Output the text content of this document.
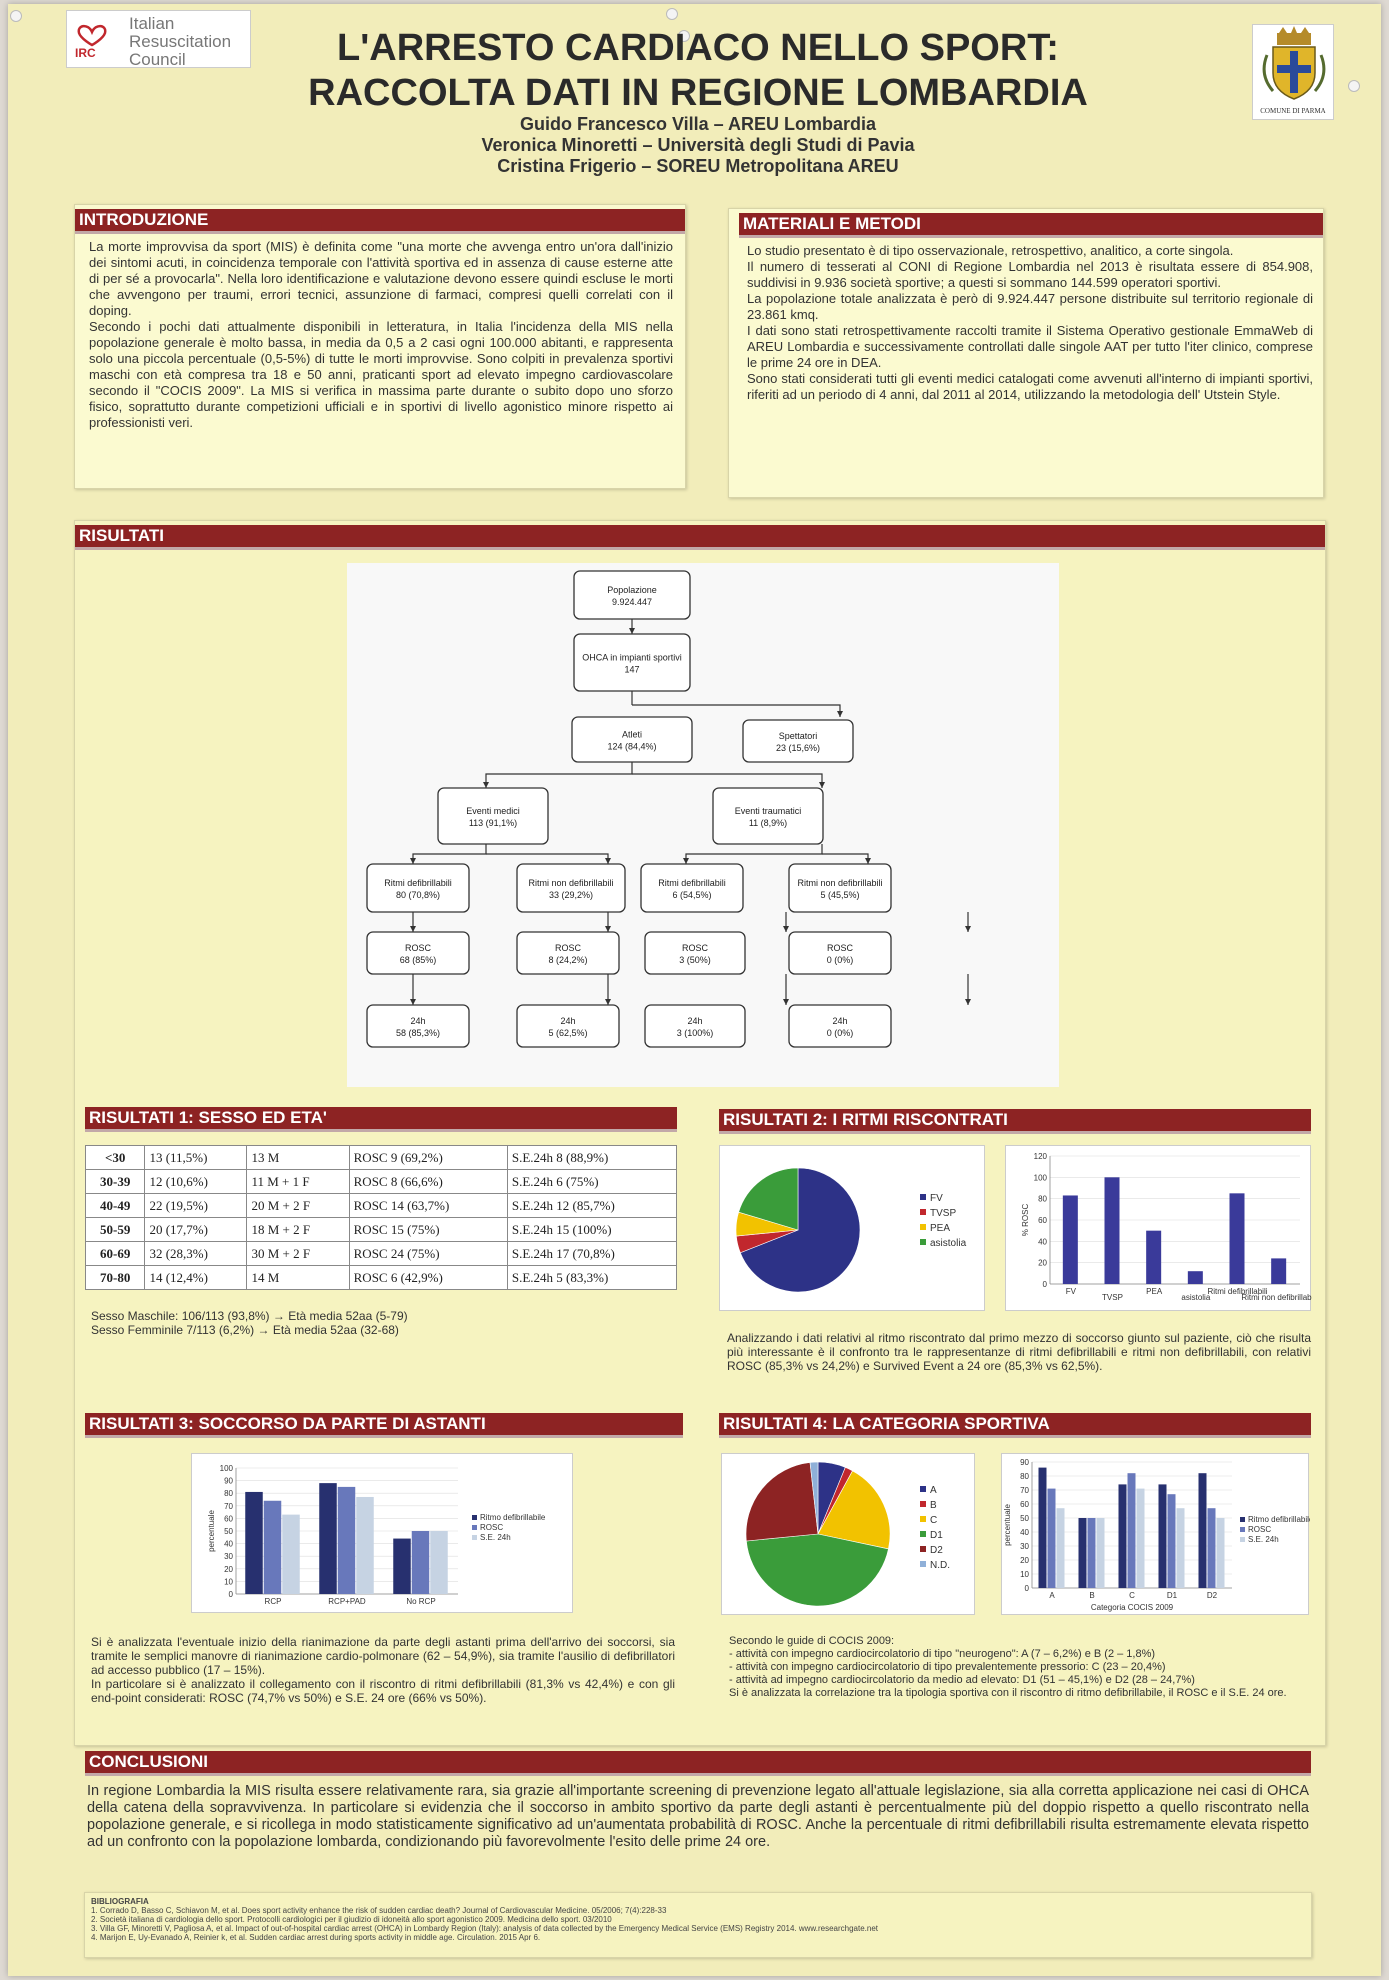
IRC
Italian
Resuscitation
Council
COMUNE DI PARMA
L'ARRESTO CARDIACO NELLO SPORT:
RACCOLTA DATI IN REGIONE LOMBARDIA
Guido Francesco Villa – AREU Lombardia
Veronica Minoretti – Università degli Studi di Pavia
Cristina Frigerio – SOREU Metropolitana AREU
INTRODUZIONE

La morte improvvisa da sport (MIS) è definita come "una morte che avvenga entro un'ora dall'inizio dei sintomi acuti, in coincidenza temporale con l'attività sportiva ed in assenza di cause esterne atte di per sé a provocarla". Nella loro identificazione e valutazione devono essere quindi escluse le morti che avvengono per traumi, errori tecnici, assunzione di farmaci, compresi quelli correlati con il doping.

Secondo i pochi dati attualmente disponibili in letteratura, in Italia l'incidenza della MIS nella popolazione generale è molto bassa, in media da 0,5 a 2 casi ogni 100.000 abitanti, e rappresenta solo una piccola percentuale (0,5-5%) di tutte le morti improvvise. Sono colpiti in prevalenza sportivi maschi con età compresa tra 18 e 50 anni, praticanti sport ad elevato impegno cardiovascolare secondo il "COCIS 2009". La MIS si verifica in massima parte durante o subito dopo uno sforzo fisico, soprattutto durante competizioni ufficiali e in sportivi di livello agonistico minore rispetto ai professionisti veri.

MATERIALI E METODI

Lo studio presentato è di tipo osservazionale, retrospettivo, analitico, a corte singola.

Il numero di tesserati al CONI di Regione Lombardia nel 2013 è risultata essere di 854.908, suddivisi in 9.936 società sportive; a questi si sommano 144.599 operatori sportivi.

La popolazione totale analizzata è però di 9.924.447 persone distribuite sul territorio regionale di 23.861 kmq.

I dati sono stati retrospettivamente raccolti tramite il Sistema Operativo gestionale EmmaWeb di AREU Lombardia e successivamente controllati dalle singole AAT per tutto l'iter clinico, comprese le prime 24 ore in DEA.

Sono stati considerati tutti gli eventi medici catalogati come avvenuti all'interno di impianti sportivi, riferiti ad un periodo di 4 anni, dal 2011 al 2014, utilizzando la metodologia dell' Utstein Style.

RISULTATI
Popolazione
9.924.447
OHCA in impianti sportivi
147
Atleti
124 (84,4%)
Spettatori
23 (15,6%)
Eventi medici
113 (91,1%)
Eventi traumatici
11 (8,9%)
Ritmi defibrillabili
80 (70,8%)
Ritmi non defibrillabili
33 (29,2%)
Ritmi defibrillabili
6 (54,5%)
Ritmi non defibrillabili
5 (45,5%)
ROSC
68 (85%)
ROSC
8 (24,2%)
ROSC
3 (50%)
ROSC
0 (0%)
24h
58 (85,3%)
24h
5 (62,5%)
24h
3 (100%)
24h
0 (0%)
RISULTATI 1: SESSO ED ETA'
<30	13 (11,5%)	13 M	ROSC 9 (69,2%)	S.E.24h 8 (88,9%)
30-39	12 (10,6%)	11 M + 1 F	ROSC 8 (66,6%)	S.E.24h 6 (75%)
40-49	22 (19,5%)	20 M + 2 F	ROSC 14 (63,7%)	S.E.24h 12 (85,7%)
50-59	20 (17,7%)	18 M + 2 F	ROSC 15 (75%)	S.E.24h 15 (100%)
60-69	32 (28,3%)	30 M + 2 F	ROSC 24 (75%)	S.E.24h 17 (70,8%)
70-80	14 (12,4%)	14 M	ROSC 6 (42,9%)	S.E.24h 5 (83,3%)
Sesso Maschile: 106/113 (93,8%) → Età media 52aa (5-79)
Sesso Femminile 7/113 (6,2%) → Età media 52aa (32-68)
RISULTATI 2: I RITMI RISCONTRATI
FV
TVSP
PEA
asistolia
0
20
40
60
80
100
120
% ROSC
FV
TVSP
PEA
asistolia
Ritmi defibrillabili
Ritmi non defibrillabili
Analizzando i dati relativi al ritmo riscontrato dal primo mezzo di soccorso giunto sul paziente, ciò che risulta più interessante è il confronto tra le rappresentanze di ritmi defibrillabili e ritmi non defibrillabili, con relativi ROSC (85,3% vs 24,2%) e Survived Event a 24 ore (85,3% vs 62,5%).
RISULTATI 3: SOCCORSO DA PARTE DI ASTANTI
0
10
20
30
40
50
60
70
80
90
100
percentuale
RCP	RCP+PAD	No RCP
Ritmo defibrillabile
ROSC
S.E. 24h

Si è analizzata l'eventuale inizio della rianimazione da parte degli astanti prima dell'arrivo dei soccorsi, sia tramite le semplici manovre di rianimazione cardio-polmonare (62 – 54,9%), sia tramite l'ausilio di defibrillatori ad accesso pubblico (17 – 15%).

In particolare si è analizzato il collegamento con il riscontro di ritmi defibrillabili (81,3% vs 42,4%) e con gli end-point considerati: ROSC (74,7% vs 50%) e S.E. 24 ore (66% vs 50%).

RISULTATI 4: LA CATEGORIA SPORTIVA
A
B
C
D1
D2
N.D.
0
10
20
30
40
50
60
70
80
90
percentuale
A	B	C	D1	D2
Categoria COCIS 2009
Ritmo defibrillabile
ROSC
S.E. 24h
Secondo le guide di COCIS 2009:
- attività con impegno cardiocircolatorio di tipo "neurogeno": A (7 – 6,2%) e B (2 – 1,8%)
- attività con impegno cardiocircolatorio di tipo prevalentemente pressorio: C (23 – 20,4%)
- attività ad impegno cardiocircolatorio da medio ad elevato: D1 (51 – 45,1%) e D2 (28 – 24,7%)
Si è analizzata la correlazione tra la tipologia sportiva con il riscontro di ritmo defibrillabile, il ROSC e il S.E. 24 ore.
CONCLUSIONI
In regione Lombardia la MIS risulta essere relativamente rara, sia grazie all'importante screening di prevenzione legato all'attuale legislazione, sia alla corretta applicazione nei casi di OHCA della catena della sopravvivenza. In particolare si evidenzia che il soccorso in ambito sportivo da parte degli astanti è percentualmente più del doppio rispetto a quello riscontrato nella popolazione generale, e si ricollega in modo statisticamente significativo ad un'aumentata probabilità di ROSC. Anche la percentuale di ritmi defibrillabili risulta estremamente elevata rispetto ad un confronto con la popolazione lombarda, condizionando più favorevolmente l'esito delle prime 24 ore.
BIBLIOGRAFIA
1. Corrado D, Basso C, Schiavon M, et al. Does sport activity enhance the risk of sudden cardiac death? Journal of Cardiovascular Medicine. 05/2006; 7(4):228-33
2. Società italiana di cardiologia dello sport. Protocolli cardiologici per il giudizio di idoneità allo sport agonistico 2009. Medicina dello sport. 03/2010
3. Villa GF, Minoretti V, Pagliosa A, et al. Impact of out-of-hospital cardiac arrest (OHCA) in Lombardy Region (Italy): analysis of data collected by the Emergency Medical Service (EMS) Registry 2014. www.researchgate.net
4. Marijon E, Uy-Evanado A, Reinier k, et al. Sudden cardiac arrest during sports activity in middle age. Circulation. 2015 Apr 6.
